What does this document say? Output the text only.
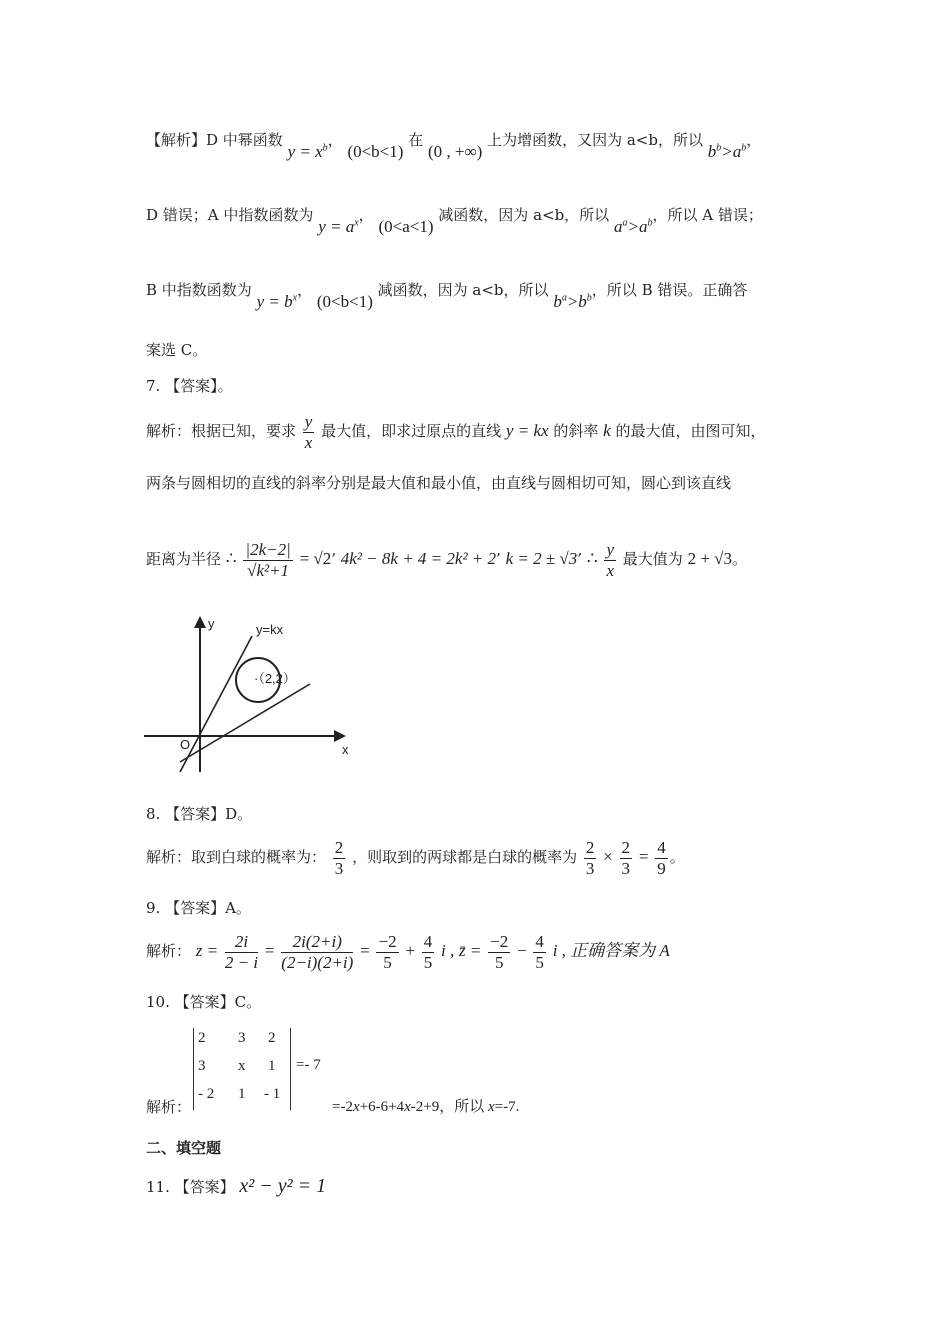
【解析】D 中幂函数 $y = x^b$， (0<b<1) 在 (0 , +∞) 上为增函数，又因为 a<b，所以 $b^b>a^b$，
D 错误；A 中指数函数为 $y = a^x$， (0<a<1) 减函数，因为 a<b，所以 $a^a>a^b$，所以 A 错误；
B 中指数函数为 $y = b^x$， (0<b<1) 减函数，因为 a<b，所以 $b^a>b^b$，所以 B 错误。正确答
案选 C。
7. 【答案】。
解析：根据已知，要求 $\frac{y}{x}$ 最大值，即求过原点的直线 y = kx 的斜率 k 的最大值，由图可知，
两条与圆相切的直线的斜率分别是最大值和最小值，由直线与圆相切可知，圆心到该直线
距离为半径 ∴ $\frac{|2k-2|}{\text{√k²+1}} = √2$’ 4k² − 8k + 4 = 2k² + 2’ k = 2 ± √3’ ∴ $\frac{y}{x}$ 最大值为 2 + √3。
y	y=kx
·（2,2）
O	x
8. 【答案】D。
解析：取到白球的概率为： $\frac{2}{3}$ ，则取到的两球都是白球的概率为 $\frac{2}{3} \times \frac{2}{3} = \frac{4}{9}$ 。
9. 【答案】A。
解析： $z = \frac{2i}{2 - i} = \frac{2i(2+i)}{(2-i)(2+i)} = \frac{-2}{5} + \frac{4}{5}$ i , z̄ = $\frac{-2}{5} - \frac{4}{5}$ i , 正确答案为 A
10. 【答案】C。
2 3 2
3 x 1
- 2 1 - 1
=- 7
解析：	=-2x+6-6+4x-2+9，所以 x=-7.
二、填空题
11. 【答案】 x² − y² = 1
